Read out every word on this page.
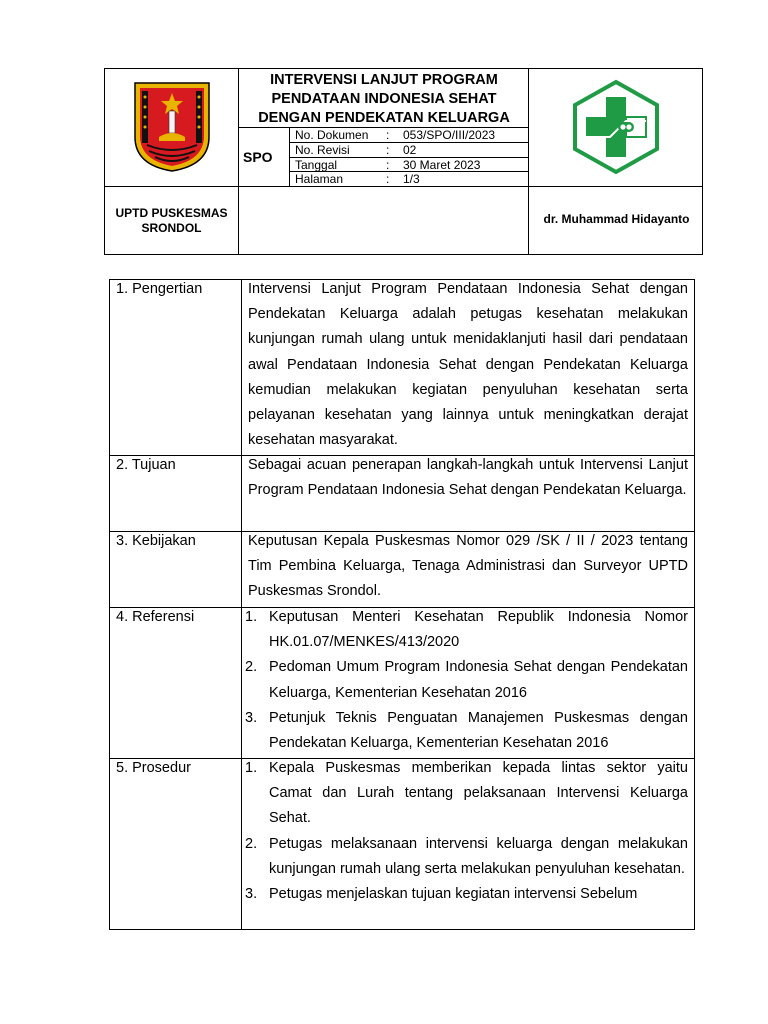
INTERVENSI LANJUT PROGRAM PENDATAAN INDONESIA SEHAT DENGAN PENDEKATAN KELUARGA
SPO
No. Dokumen : 053/SPO/III/2023
No. Revisi	: 02
Tanggal	: 30 Maret 2023
Halaman	: 1/3
UPTD PUSKESMAS SRONDOL
dr. Muhammad Hidayanto
1. Pengertian	Intervensi Lanjut Program Pendataan Indonesia Sehat dengan Pendekatan Keluarga adalah petugas kesehatan melakukan kunjungan rumah ulang untuk menidaklanjuti hasil dari pendataan awal Pendataan Indonesia Sehat dengan Pendekatan Keluarga kemudian melakukan kegiatan penyuluhan kesehatan serta pelayanan kesehatan yang lainnya untuk meningkatkan derajat kesehatan masyarakat.

2. Tujuan	Sebagai acuan penerapan langkah-langkah untuk Intervensi Lanjut Program Pendataan Indonesia Sehat dengan Pendekatan Keluarga.

3. Kebijakan	Keputusan Kepala Puskesmas Nomor 029 /SK / II / 2023 tentang Tim Pembina Keluarga, Tenaga Administrasi dan Surveyor UPTD Puskesmas Srondol.

4. Referensi	1. Keputusan Menteri Kesehatan Republik Indonesia Nomor HK.01.07/MENKES/413/2020
2. Pedoman Umum Program Indonesia Sehat dengan Pendekatan Keluarga, Kementerian Kesehatan 2016
3. Petunjuk Teknis Penguatan Manajemen Puskesmas dengan Pendekatan Keluarga, Kementerian Kesehatan 2016
5. Prosedur	1. Kepala Puskesmas memberikan kepada lintas sektor yaitu Camat dan Lurah tentang pelaksanaan Intervensi Keluarga Sehat.
2. Petugas melaksanaan intervensi keluarga dengan melakukan kunjungan rumah ulang serta melakukan penyuluhan kesehatan.
3. Petugas menjelaskan tujuan kegiatan intervensi Sebelum
